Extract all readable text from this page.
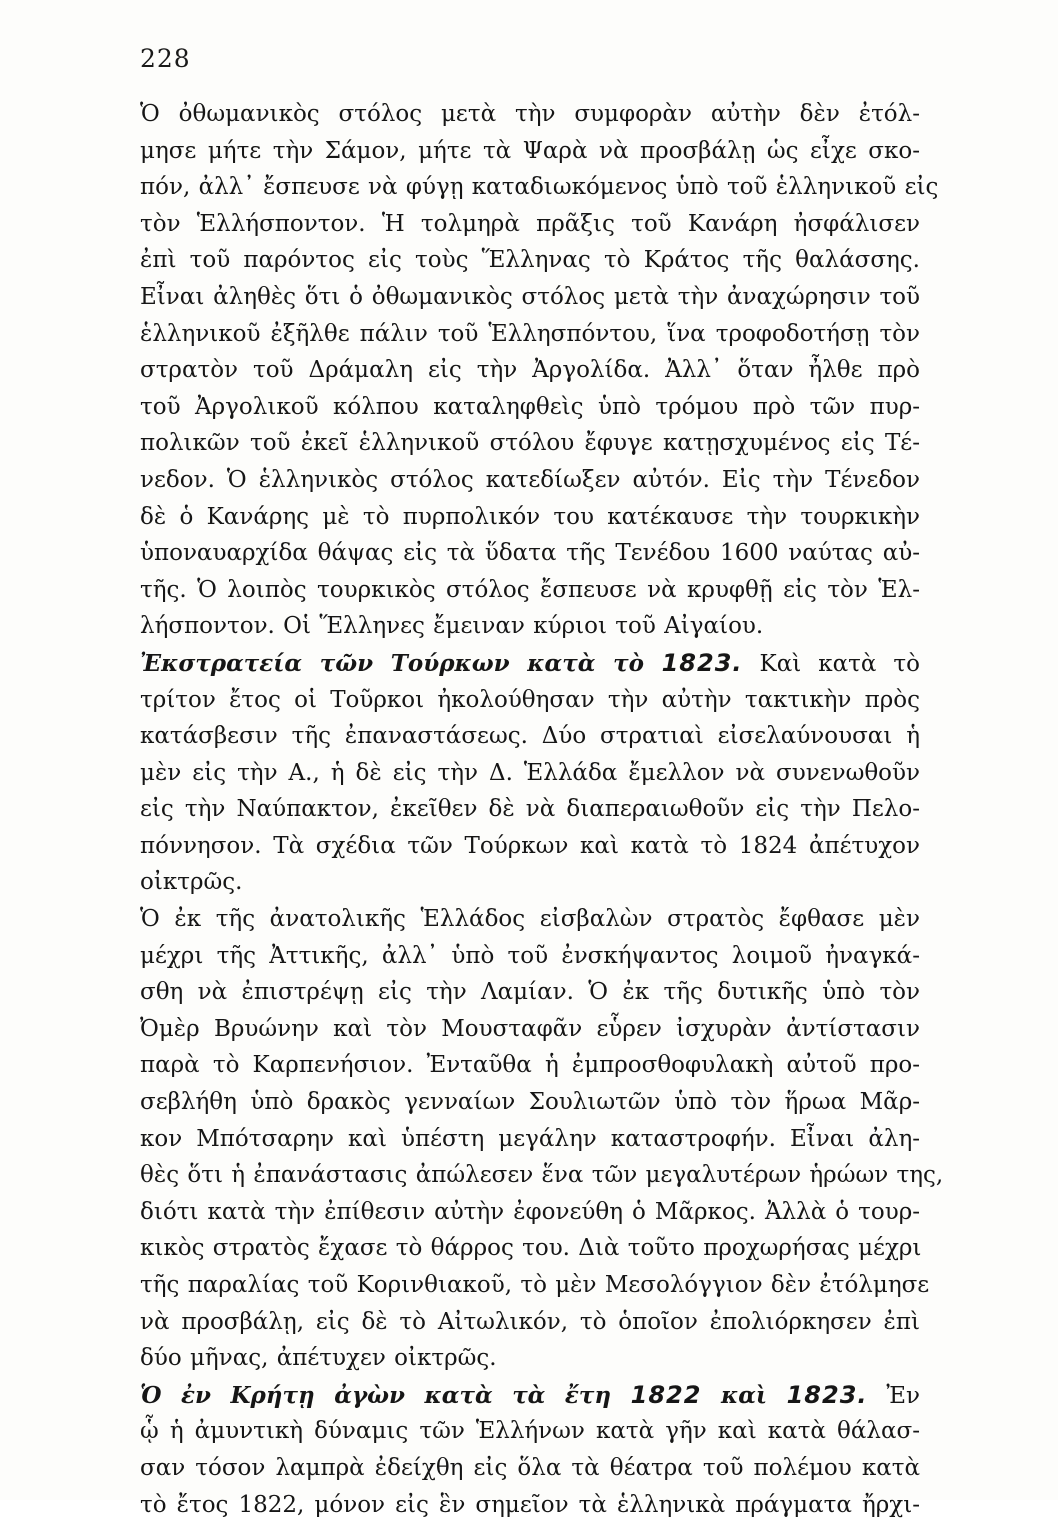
228
Ὁ ὀθωμανικὸς στόλος μετὰ τὴν συμφορὰν αὐτὴν δὲν ἐτόλ-
μησε μήτε τὴν Σάμον, μήτε τὰ Ψαρὰ νὰ προσβάλῃ ὡς εἶχε σκο-
πόν, ἀλλ᾽ ἔσπευσε νὰ φύγῃ καταδιωκόμενος ὑπὸ τοῦ ἑλληνικοῦ εἰς
τὸν Ἑλλήσποντον. Ἡ τολμηρὰ πρᾶξις τοῦ Κανάρη ἠσφάλισεν
ἐπὶ τοῦ παρόντος εἰς τοὺς Ἕλληνας τὸ Κράτος τῆς θαλάσσης.
Εἶναι ἀληθὲς ὅτι ὁ ὀθωμανικὸς στόλος μετὰ τὴν ἀναχώρησιν τοῦ
ἑλληνικοῦ ἐξῆλθε πάλιν τοῦ Ἑλλησπόντου, ἵνα τροφοδοτήσῃ τὸν
στρατὸν τοῦ Δράμαλη εἰς τὴν Ἀργολίδα. Ἀλλ᾽ ὅταν ἦλθε πρὸ
τοῦ Ἀργολικοῦ κόλπου καταληφθεὶς ὑπὸ τρόμου πρὸ τῶν πυρ-
πολικῶν τοῦ ἐκεῖ ἑλληνικοῦ στόλου ἔφυγε κατῃσχυμένος εἰς Τέ-
νεδον. Ὁ ἑλληνικὸς στόλος κατεδίωξεν αὐτόν. Εἰς τὴν Τένεδον
δὲ ὁ Κανάρης μὲ τὸ πυρπολικόν του κατέκαυσε τὴν τουρκικὴν
ὑποναυαρχίδα θάψας εἰς τὰ ὕδατα τῆς Τενέδου 1600 ναύτας αὐ-
τῆς. Ὁ λοιπὸς τουρκικὸς στόλος ἔσπευσε νὰ κρυφθῇ εἰς τὸν Ἑλ-
λήσποντον. Οἱ Ἕλληνες ἔμειναν κύριοι τοῦ Αἰγαίου.
Ἐκστρατεία τῶν Τούρκων κατὰ τὸ 1823. Καὶ κατὰ τὸ
τρίτον ἔτος οἱ Τοῦρκοι ἠκολούθησαν τὴν αὐτὴν τακτικὴν πρὸς
κατάσβεσιν τῆς ἐπαναστάσεως. Δύο στρατιαὶ εἰσελαύνουσαι ἡ
μὲν εἰς τὴν Α., ἡ δὲ εἰς τὴν Δ. Ἑλλάδα ἔμελλον νὰ συνενωθοῦν
εἰς τὴν Ναύπακτον, ἐκεῖθεν δὲ νὰ διαπεραιωθοῦν εἰς τὴν Πελο-
πόννησον. Τὰ σχέδια τῶν Τούρκων καὶ κατὰ τὸ 1824 ἀπέτυχον
οἰκτρῶς.
Ὁ ἐκ τῆς ἀνατολικῆς Ἑλλάδος εἰσβαλὼν στρατὸς ἔφθασε μὲν
μέχρι τῆς Ἀττικῆς, ἀλλ᾽ ὑπὸ τοῦ ἐνσκήψαντος λοιμοῦ ἠναγκά-
σθη νὰ ἐπιστρέψῃ εἰς τὴν Λαμίαν. Ὁ ἐκ τῆς δυτικῆς ὑπὸ τὸν
Ὀμὲρ Βρυώνην καὶ τὸν Μουσταφᾶν εὗρεν ἰσχυρὰν ἀντίστασιν
παρὰ τὸ Καρπενήσιον. Ἐνταῦθα ἡ ἐμπροσθοφυλακὴ αὐτοῦ προ-
σεβλήθη ὑπὸ δρακὸς γενναίων Σουλιωτῶν ὑπὸ τὸν ἥρωα Μᾶρ-
κον Μπότσαρην καὶ ὑπέστη μεγάλην καταστροφήν. Εἶναι ἀλη-
θὲς ὅτι ἡ ἐπανάστασις ἀπώλεσεν ἕνα τῶν μεγαλυτέρων ἡρώων της,
διότι κατὰ τὴν ἐπίθεσιν αὐτὴν ἐφονεύθη ὁ Μᾶρκος. Ἀλλὰ ὁ τουρ-
κικὸς στρατὸς ἔχασε τὸ θάρρος του. Διὰ τοῦτο προχωρήσας μέχρι
τῆς παραλίας τοῦ Κορινθιακοῦ, τὸ μὲν Μεσολόγγιον δὲν ἐτόλμησε
νὰ προσβάλῃ, εἰς δὲ τὸ Αἰτωλικόν, τὸ ὁποῖον ἐπολιόρκησεν ἐπὶ
δύο μῆνας, ἀπέτυχεν οἰκτρῶς.
Ὁ ἐν Κρήτῃ ἀγὼν κατὰ τὰ ἔτη 1822 καὶ 1823. Ἐν
ᾧ ἡ ἀμυντικὴ δύναμις τῶν Ἑλλήνων κατὰ γῆν καὶ κατὰ θάλασ-
σαν τόσον λαμπρὰ ἐδείχθη εἰς ὅλα τὰ θέατρα τοῦ πολέμου κατὰ
τὸ ἔτος 1822, μόνον εἰς ἓν σημεῖον τὰ ἑλληνικὰ πράγματα ἤρχι-
